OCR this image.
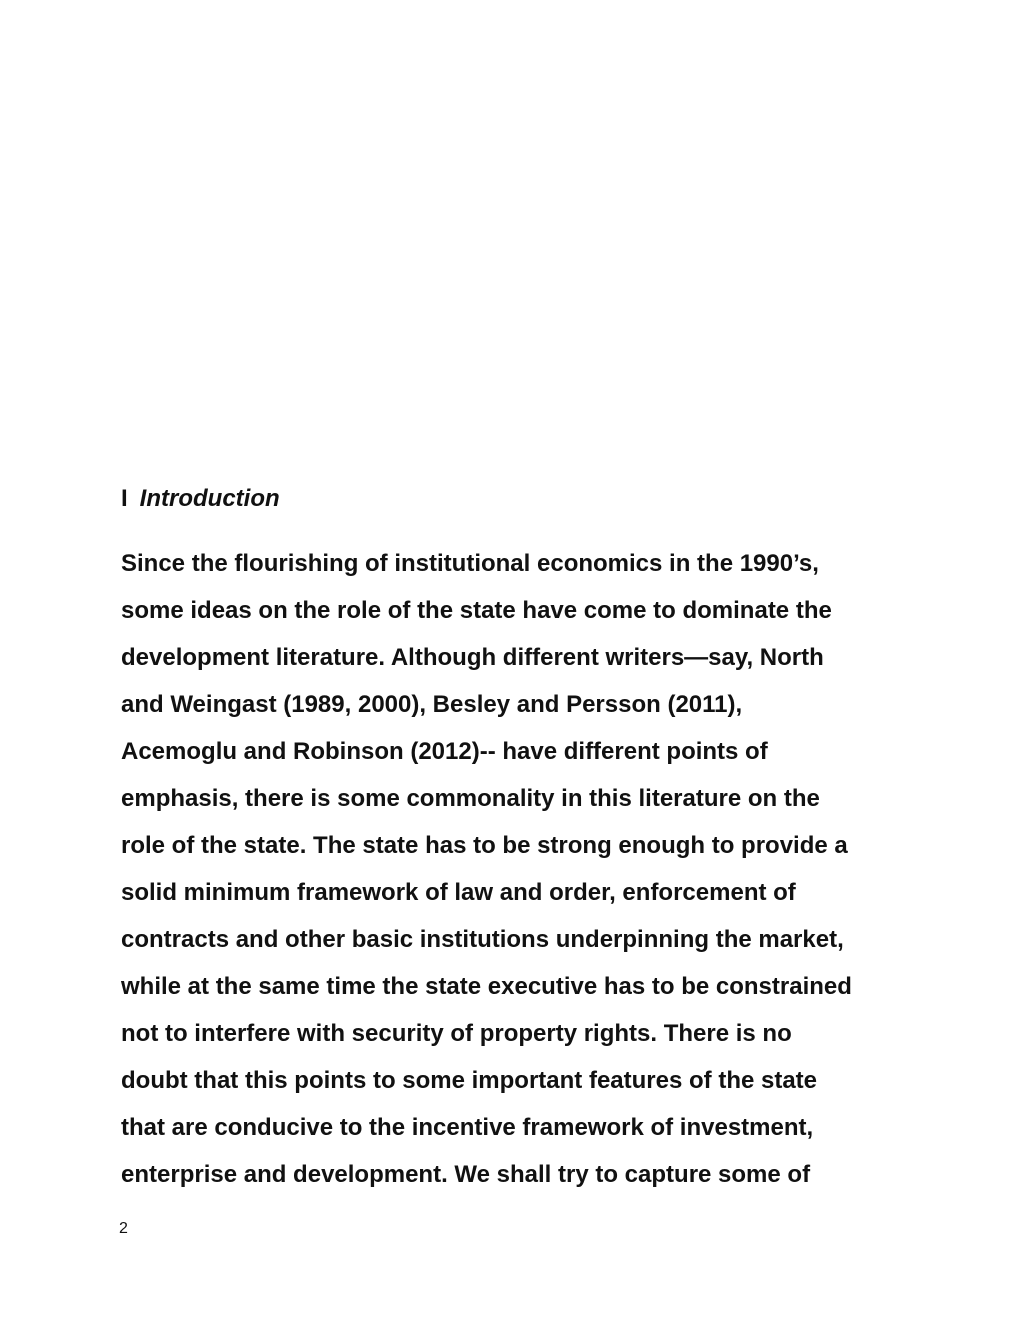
I Introduction
Since the flourishing of institutional economics in the 1990’s,
some ideas on the role of the state have come to dominate the
development literature. Although different writers—say, North
and Weingast (1989, 2000), Besley and Persson (2011),
Acemoglu and Robinson (2012)-- have different points of
emphasis, there is some commonality in this literature on the
role of the state. The state has to be strong enough to provide a
solid minimum framework of law and order, enforcement of
contracts and other basic institutions underpinning the market,
while at the same time the state executive has to be constrained
not to interfere with security of property rights. There is no
doubt that this points to some important features of the state
that are conducive to the incentive framework of investment,
enterprise and development. We shall try to capture some of
2
